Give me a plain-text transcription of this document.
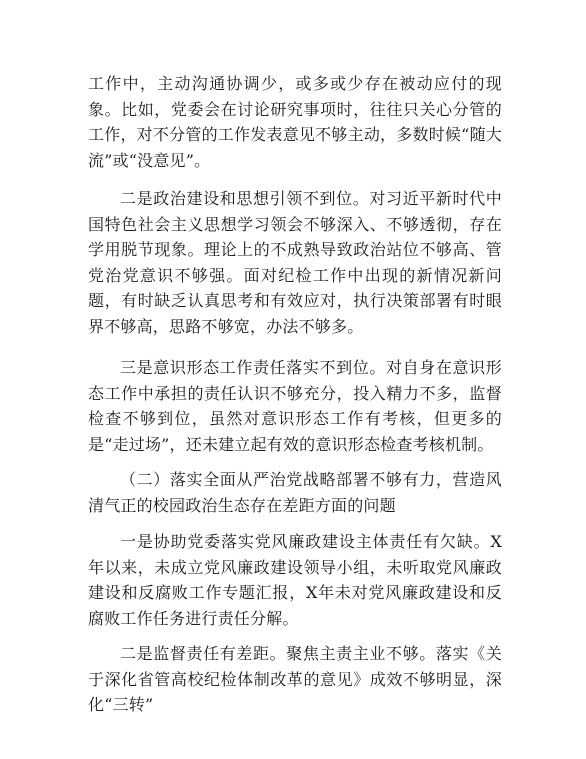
工作中，主动沟通协调少，或多或少存在被动应付的现象。比如，党委会在讨论研究事项时，往往只关心分管的工作，对不分管的工作发表意见不够主动，多数时候“随大流”或“没意见”。

二是政治建设和思想引领不到位。对习近平新时代中国特色社会主义思想学习领会不够深入、不够透彻，存在学用脱节现象。理论上的不成熟导致政治站位不够高、管党治党意识不够强。面对纪检工作中出现的新情况新问题，有时缺乏认真思考和有效应对，执行决策部署有时眼界不够高，思路不够宽，办法不够多。

三是意识形态工作责任落实不到位。对自身在意识形态工作中承担的责任认识不够充分，投入精力不多，监督检查不够到位，虽然对意识形态工作有考核，但更多的是“走过场”，还未建立起有效的意识形态检查考核机制。

（二）落实全面从严治党战略部署不够有力，营造风清气正的校园政治生态存在差距方面的问题

一是协助党委落实党风廉政建设主体责任有欠缺。X年以来，未成立党风廉政建设领导小组，未听取党风廉政建设和反腐败工作专题汇报，X年未对党风廉政建设和反腐败工作任务进行责任分解。

二是监督责任有差距。聚焦主责主业不够。落实《关于深化省管高校纪检体制改革的意见》成效不够明显，深化“三转”
